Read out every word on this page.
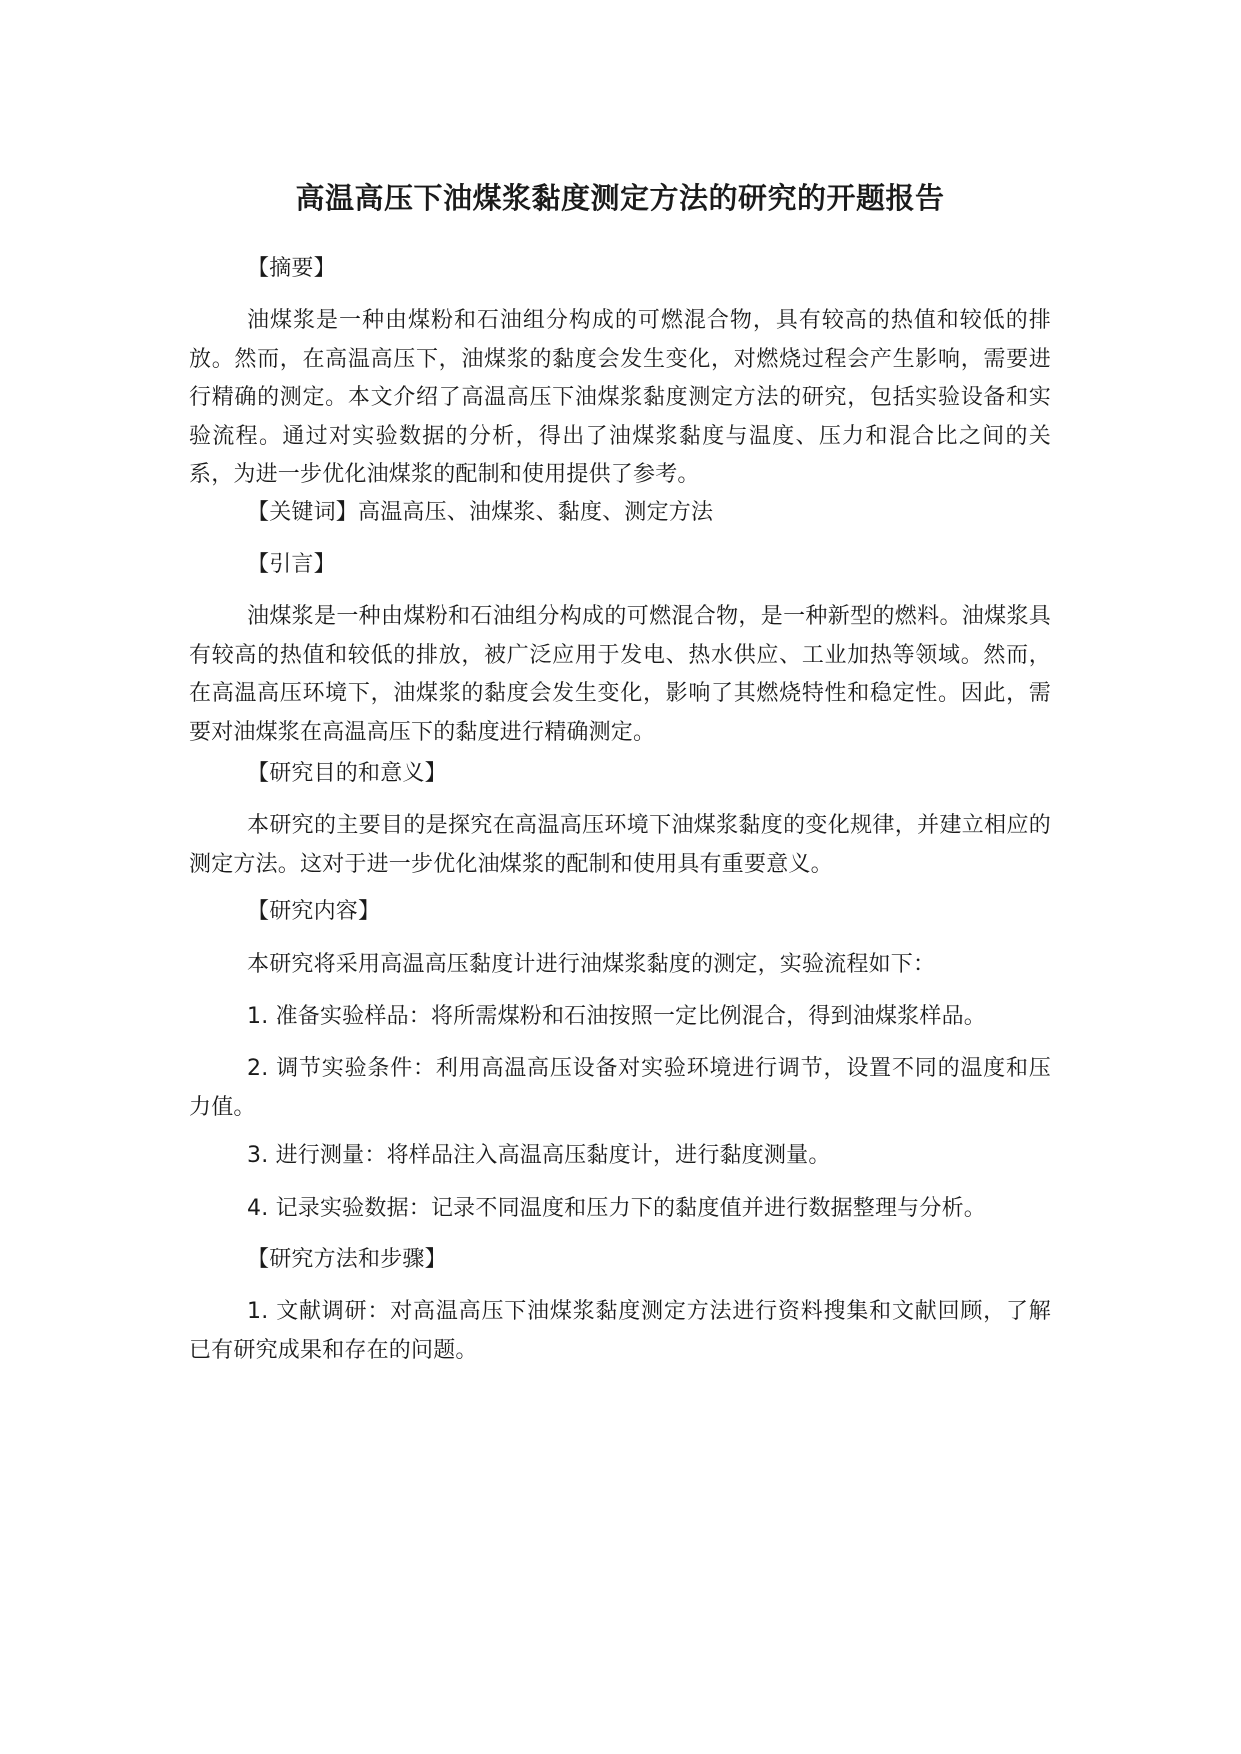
高温高压下油煤浆黏度测定方法的研究的开题报告

【摘要】

油煤浆是一种由煤粉和石油组分构成的可燃混合物，具有较高的热值和较低的排放。然而，在高温高压下，油煤浆的黏度会发生变化，对燃烧过程会产生影响，需要进行精确的测定。本文介绍了高温高压下油煤浆黏度测定方法的研究，包括实验设备和实验流程。通过对实验数据的分析，得出了油煤浆黏度与温度、压力和混合比之间的关系，为进一步优化油煤浆的配制和使用提供了参考。

【关键词】高温高压、油煤浆、黏度、测定方法

【引言】

油煤浆是一种由煤粉和石油组分构成的可燃混合物，是一种新型的燃料。油煤浆具有较高的热值和较低的排放，被广泛应用于发电、热水供应、工业加热等领域。然而，在高温高压环境下，油煤浆的黏度会发生变化，影响了其燃烧特性和稳定性。因此，需要对油煤浆在高温高压下的黏度进行精确测定。

【研究目的和意义】

本研究的主要目的是探究在高温高压环境下油煤浆黏度的变化规律，并建立相应的测定方法。这对于进一步优化油煤浆的配制和使用具有重要意义。

【研究内容】

本研究将采用高温高压黏度计进行油煤浆黏度的测定，实验流程如下：

1. 准备实验样品：将所需煤粉和石油按照一定比例混合，得到油煤浆样品。

2. 调节实验条件：利用高温高压设备对实验环境进行调节，设置不同的温度和压力值。

3. 进行测量：将样品注入高温高压黏度计，进行黏度测量。

4. 记录实验数据：记录不同温度和压力下的黏度值并进行数据整理与分析。

【研究方法和步骤】

1. 文献调研：对高温高压下油煤浆黏度测定方法进行资料搜集和文献回顾，了解已有研究成果和存在的问题。
